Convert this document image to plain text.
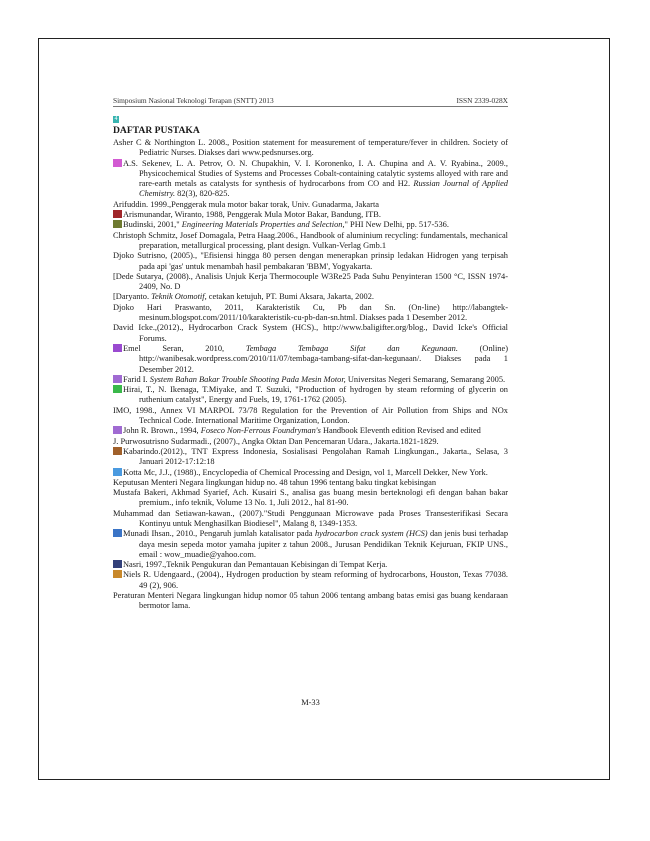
Simposium Nasional Teknologi Terapan (SNTT) 2013	ISSN 2339-028X
4
DAFTAR PUSTAKA

Asher C & Northington L. 2008., Position statement for measurement of temperature/fever in children. Society of Pediatric Nurses. Diakses dari www.pedsnurses.org.

A.S. Sekenev, L. A. Petrov, O. N. Chupakhin, V. I. Koronenko, I. A. Chupina and A. V. Ryabina., 2009., Physicochemical Studies of Systems and Processes Cobalt-containing catalytic systems alloyed with rare and rare-earth metals as catalysts for synthesis of hydrocarbons from CO and H2. Russian Journal of Applied Chemistry. 82(3), 820-825.

Arifuddin. 1999.,Penggerak mula motor bakar torak, Univ. Gunadarma, Jakarta

Arismunandar, Wiranto, 1988, Penggerak Mula Motor Bakar, Bandung, ITB.

Budinski, 2001," Engineering Materials Properties and Selection," PHI New Delhi, pp. 517-536.

Christoph Schmitz, Josef Domagala, Petra Haag.2006., Handbook of aluminium recycling: fundamentals, mechanical preparation, metallurgical processing, plant design. Vulkan-Verlag Gmb.1

Djoko Sutrisno, (2005)., "Efisiensi hingga 80 persen dengan menerapkan prinsip ledakan Hidrogen yang terpisah pada api 'gas' untuk menambah hasil pembakaran 'BBM', Yogyakarta.

[Dede Sutarya, (2008)., Analisis Unjuk Kerja Thermocouple W3Re25 Pada Suhu Penyinteran 1500 °C, ISSN 1974-2409, No. D

[Daryanto. Teknik Otomotif, cetakan ketujuh, PT. Bumi Aksara, Jakarta, 2002.

Djoko Hari Praswanto, 2011, Karakteristik Cu, Pb dan Sn. (On-line) http://labangtek-mesinum.blogspot.com/2011/10/karakteristik-cu-pb-dan-sn.html. Diakses pada 1 Desember 2012.

David Icke.,(2012)., Hydrocarbon Crack System (HCS)., http://www.baligifter.org/blog., David Icke's Official Forums.

Emel Seran, 2010,	Tembaga Tembaga Sifat dan Kegunaan. (Online) http://wanibesak.wordpress.com/2010/11/07/tembaga-tambang-sifat-dan-kegunaan/. Diakses pada 1 Desember 2012.

Farid I. System Bahan Bakar Trouble Shooting Pada Mesin Motor, Universitas Negeri Semarang, Semarang 2005.

Hirai, T., N. Ikenaga, T.Miyake, and T. Suzuki, "Production of hydrogen by steam reforming of glycerin on ruthenium catalyst", Energy and Fuels, 19, 1761-1762 (2005).

IMO, 1998., Annex VI MARPOL 73/78 Regulation for the Prevention of Air Pollution from Ships and NOx Technical Code. International Maritime Organization, London.

John R. Brown., 1994, Foseco Non-Ferrous Foundryman's Handbook Eleventh edition Revised and edited

J. Purwosutrisno Sudarmadi., (2007)., Angka Oktan Dan Pencemaran Udara., Jakarta.1821-1829.

Kabarindo.(2012)., TNT Express Indonesia, Sosialisasi Pengolahan Ramah Lingkungan., Jakarta., Selasa, 3 Januari 2012-17:12:18

Kotta Mc, J.J., (1988)., Encyclopedia of Chemical Processing and Design, vol 1, Marcell Dekker, New York.

Keputusan Menteri Negara lingkungan hidup no. 48 tahun 1996 tentang baku tingkat kebisingan

Mustafa Bakeri, Akhmad Syarief, Ach. Kusairi S., analisa gas buang mesin berteknologi efi dengan bahan bakar premium., info teknik, Volume 13 No. 1, Juli 2012., hal 81-90.

Muhammad dan Setiawan-kawan., (2007)."Studi Penggunaan Microwave pada Proses Transesterifikasi Secara Kontinyu untuk Menghasilkan Biodiesel", Malang 8, 1349-1353.

Munadi Ihsan., 2010., Pengaruh jumlah katalisator pada hydrocarbon crack system (HCS) dan jenis busi terhadap daya mesin sepeda motor yamaha jupiter z tahun 2008., Jurusan Pendidikan Teknik Kejuruan, FKIP UNS., email : wow_muadie@yahoo.com.

Nasri, 1997.,Teknik Pengukuran dan Pemantauan Kebisingan di Tempat Kerja.

Niels R. Udengaard., (2004)., Hydrogen production by steam reforming of hydrocarbons, Houston, Texas 77038. 49 (2), 906.

Peraturan Menteri Negara lingkungan hidup nomor 05 tahun 2006 tentang ambang batas emisi gas buang kendaraan bermotor lama.

M-33
